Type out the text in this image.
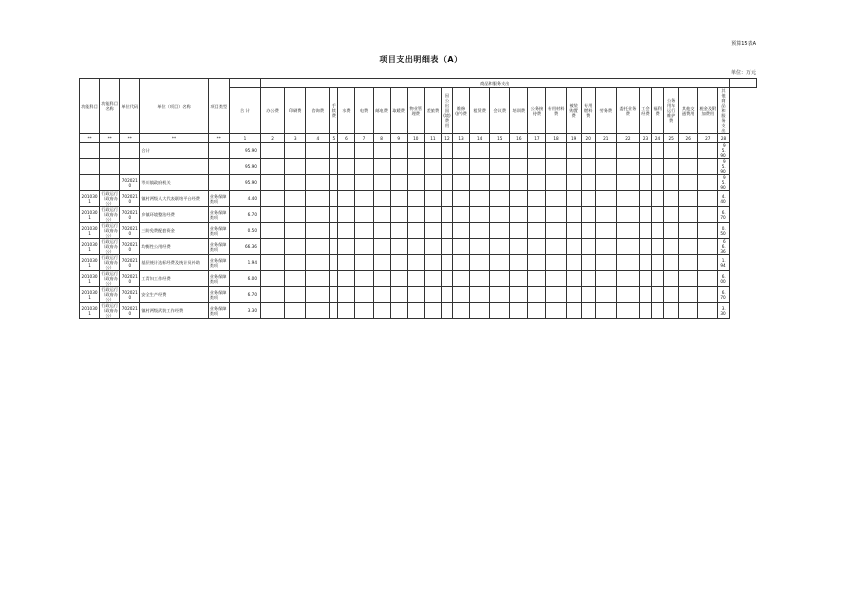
预算15表A
项目支出明细表（A）
单位：万元
功能科目	功能科目名称	单位代码	单位（项目）名称	项目类型		商品和服务支出																											
					合 计	办公费	印刷费	咨询费	手续费	水费	电费	邮电费	取暖费	物业管理费	差旅费	因公出国(境)费用	维修(护)费	租赁费	会议费	培训费	公务接待费	专用材料费	被装购置费	专用燃料费	劳务费	委托业务费	工会经费	福利费	公务用车运行维护费	其他交通费用	税金及附加费用	其他商品和服务支出	
**	**	**	**	**	1	2	3	4	5	6	7	8	9	10	11	12	13	14	15	16	17	18	19	20	21	22	23	24	25	26	27	28	
			合计		95.90																											95.90	
					95.90																											95.90	
		7020210	岑川镇政府机关		95.90																											95.90	
2010301	行政运行（政府办公）	7020210	镇村两级人大代表联络平台经费	业务保障类项	4.40																											4.40	
2010301	行政运行（政府办公）	7020210	乡镇环境整治经费	业务保障类项	6.70																											6.70	
2010301	行政运行（政府办公）	7020210	三防免费配套资金	业务保障类项	0.50																											0.50	
2010301	行政运行（政府办公）	7020210	均衡性公用经费	业务保障类项	66.36																											66.36	
2010301	行政运行（政府办公）	7020210	基层统计达标经费及统计员补助	业务保障类项	1.94																											1.94	
2010301	行政运行（政府办公）	7020210	工青妇工作经费	业务保障类项	6.00																											6.00	
2010301	行政运行（政府办公）	7020210	安全生产经费	业务保障类项	6.70																											6.70	
2010301	行政运行（政府办公）	7020210	镇村两级武装工作经费	业务保障类项	3.30																											3.30	
